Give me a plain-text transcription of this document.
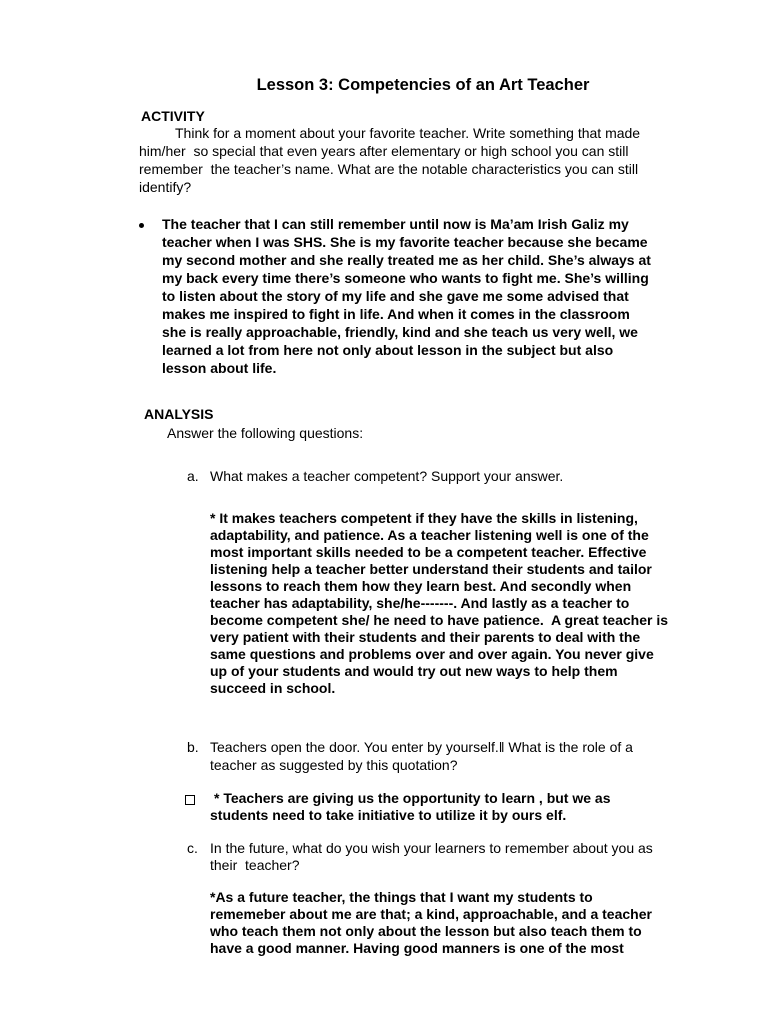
Lesson 3: Competencies of an Art Teacher
ACTIVITY
Think for a moment about your favorite teacher. Write something that made
him/her  so special that even years after elementary or high school you can still
remember  the teacher’s name. What are the notable characteristics you can still
identify?
The teacher that I can still remember until now is Ma’am Irish Galiz my
teacher when I was SHS. She is my favorite teacher because she became
my second mother and she really treated me as her child. She’s always at
my back every time there’s someone who wants to fight me. She’s willing
to listen about the story of my life and she gave me some advised that
makes me inspired to fight in life. And when it comes in the classroom
she is really approachable, friendly, kind and she teach us very well, we
learned a lot from here not only about lesson in the subject but also
lesson about life.
ANALYSIS
Answer the following questions:
a. What makes a teacher competent? Support your answer.
* It makes teachers competent if they have the skills in listening,
adaptability, and patience. As a teacher listening well is one of the
most important skills needed to be a competent teacher. Effective
listening help a teacher better understand their students and tailor
lessons to reach them how they learn best. And secondly when
teacher has adaptability, she/he-------. And lastly as a teacher to
become competent she/ he need to have patience.  A great teacher is
very patient with their students and their parents to deal with the
same questions and problems over and over again. You never give
up of your students and would try out new ways to help them
succeed in school.
b. Teachers open the door. You enter by yourself.‖ What is the role of a
teacher as suggested by this quotation?
* Teachers are giving us the opportunity to learn , but we as
students need to take initiative to utilize it by ours elf.
c. In the future, what do you wish your learners to remember about you as
their  teacher?
*As a future teacher, the things that I want my students to
rememeber about me are that; a kind, approachable, and a teacher
who teach them not only about the lesson but also teach them to
have a good manner. Having good manners is one of the most
